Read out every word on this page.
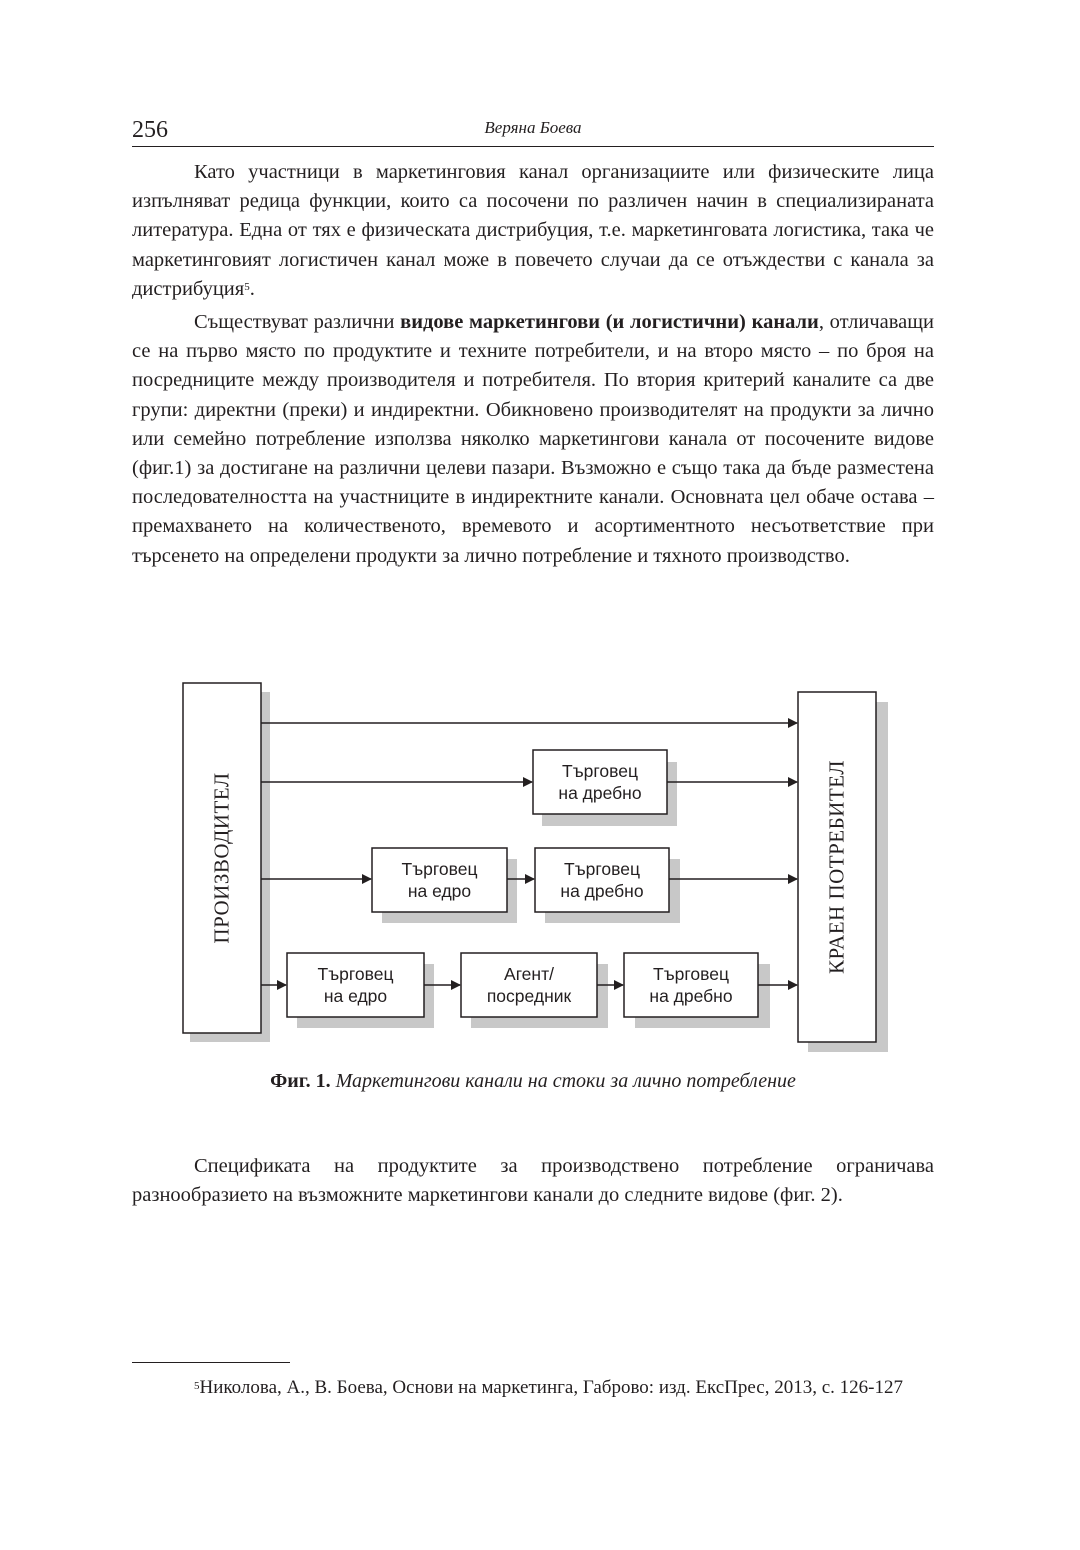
256	Веряна Боева

Като участници в маркетинговия канал организациите или физическите лица изпълняват редица функции, които са посочени по различен начин в специализираната литература. Една от тях е физическата дистрибуция, т.е. маркетинговата логистика, така че маркетинговият логистичен канал може в повечето случаи да се отъждестви с канала за дистрибуция$^5$.

Съществуват различни видове маркетингови (и логистични) канали, отличаващи се на първо място по продуктите и техните потребители, и на второ място – по броя на посредниците между производителя и потребителя. По втория критерий каналите са две групи: директни (преки) и индиректни. Обикновено производителят на продукти за лично или семейно потребление използва няколко маркетингови канала от посочените видове (фиг.1) за достигане на различни целеви пазари. Възможно е също така да бъде разместена последователността на участниците в индиректните канали. Основната цел обаче остава – премахването на количественото, времевото и асортиментното несъответствие при търсенето на определени продукти за лично потребление и тяхното производство.

ПРОИЗВОДИТЕЛ	КРАЕН ПОТРЕБИТЕЛ
Търговец
на дребно
Търговец
на едро
Търговец
на дребно
Търговец
на едро
Агент/
посредник
Търговец
на дребно
Фиг. 1. Маркетингови канали на стоки за лично потребление

Спецификата на продуктите за производствено потребление ограничава разнообразието на възможните маркетингови канали до следните видове (фиг. 2).

$^5$Николова, А., В. Боева, Основи на маркетинга, Габрово: изд. ЕксПрес, 2013, с. 126-127
